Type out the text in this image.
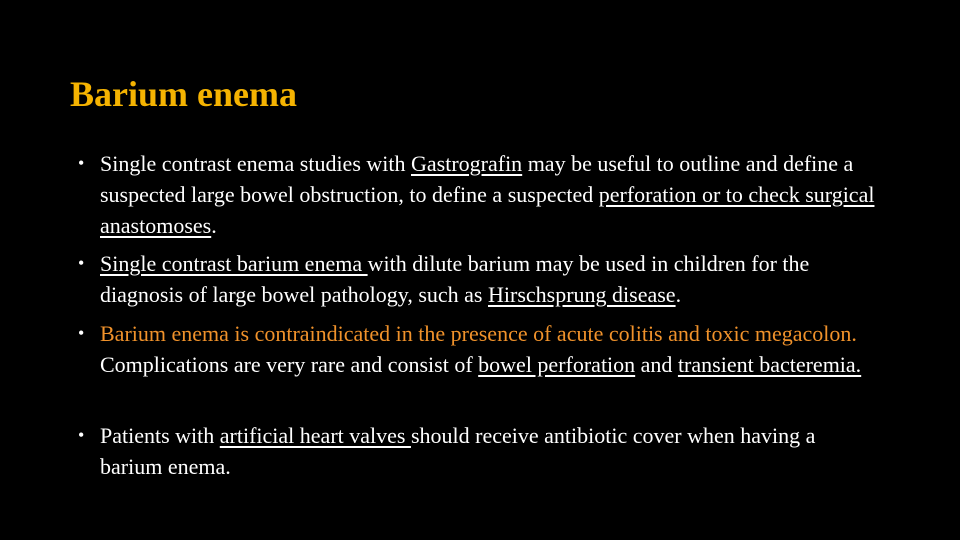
Barium enema
• Single contrast enema studies with Gastrografin may be useful to outline and define a suspected large bowel obstruction, to define a suspected perforation or to check surgical anastomoses.
• Single contrast barium enema with dilute barium may be used in children for the diagnosis of large bowel pathology, such as Hirschsprung disease.
• Barium enema is contraindicated in the presence of acute colitis and toxic megacolon. Complications are very rare and consist of bowel perforation and transient bacteremia.
• Patients with artificial heart valves should receive antibiotic cover when having a barium enema.
